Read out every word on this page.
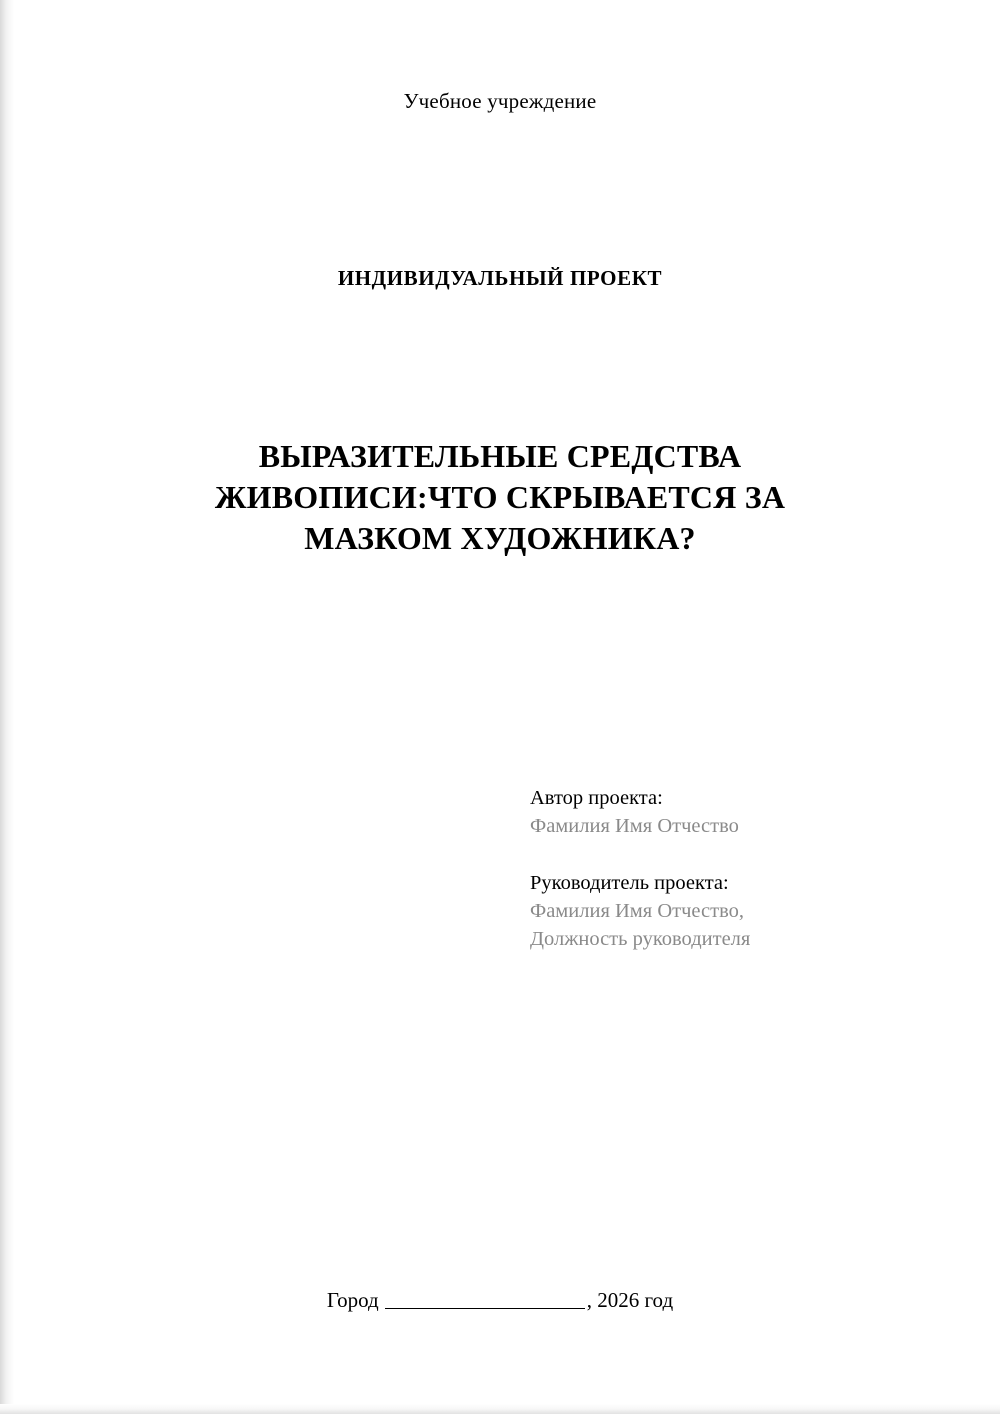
Учебное учреждение
ИНДИВИДУАЛЬНЫЙ ПРОЕКТ
ВЫРАЗИТЕЛЬНЫЕ СРЕДСТВА ЖИВОПИСИ:ЧТО СКРЫВАЕТСЯ ЗА МАЗКОМ ХУДОЖНИКА?
Автор проекта:
Фамилия Имя Отчество
Руководитель проекта:
Фамилия Имя Отчество,
Должность руководителя
Город	, 2026 год
